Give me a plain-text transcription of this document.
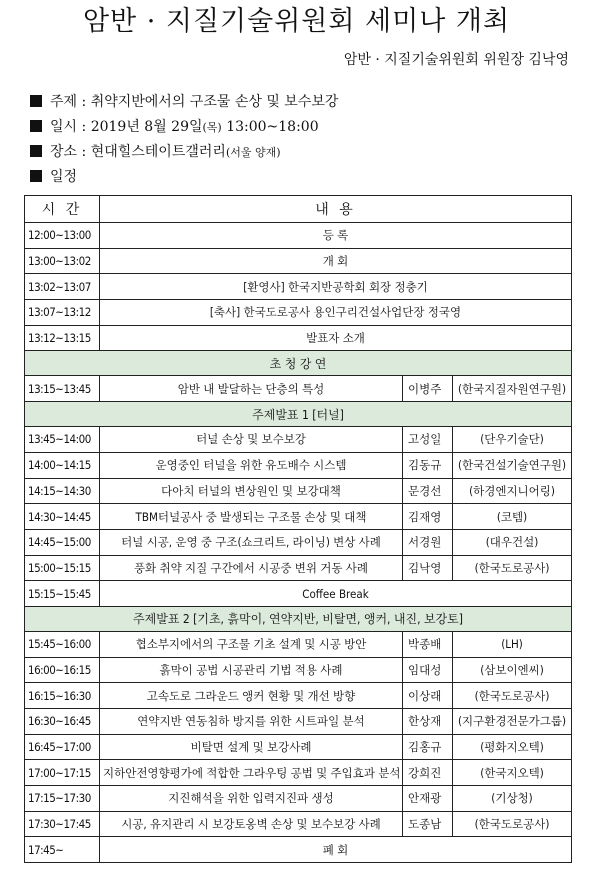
암반 · 지질기술위원회 세미나 개최
암반 · 지질기술위원회 위원장 김낙영
주제 : 취약지반에서의 구조물 손상 및 보수보강
일시 : 2019년 8월 29일(목) 13:00~18:00
장소 : 현대힐스테이트갤러리(서울 양재)
일정
시 간	내 용		
12:00~13:00	등 록		
13:00~13:02	개 회		
13:02~13:07	[환영사] 한국지반공학회 회장 정충기		
13:07~13:12	[축사] 한국도로공사 용인구리건설사업단장 정국영		
13:12~13:15	발표자 소개		
초 청 강 연			
13:15~13:45	암반 내 발달하는 단층의 특성	이병주	(한국지질자원연구원)
주제발표 1 [터널]			
13:45~14:00	터널 손상 및 보수보강	고성일	(단우기술단)
14:00~14:15	운영중인 터널을 위한 유도배수 시스템	김동규	(한국건설기술연구원)
14:15~14:30	다아치 터널의 변상원인 및 보강대책	문경선	(하경엔지니어링)
14:30~14:45	TBM터널공사 중 발생되는 구조물 손상 및 대책	김재영	(코템)
14:45~15:00	터널 시공, 운영 중 구조(쇼크리트, 라이닝) 변상 사례	서경원	(대우건설)
15:00~15:15	풍화 취약 지질 구간에서 시공중 변위 거동 사례	김낙영	(한국도로공사)
15:15~15:45	Coffee Break		
주제발표 2 [기초, 흙막이, 연약지반, 비탈면, 앵커, 내진, 보강토]			
15:45~16:00	협소부지에서의 구조물 기초 설계 및 시공 방안	박종배	(LH)
16:00~16:15	흙막이 공법 시공관리 기법 적용 사례	임대성	(삼보이엔씨)
16:15~16:30	고속도로 그라운드 앵커 현황 및 개선 방향	이상래	(한국도로공사)
16:30~16:45	연약지반 연동침하 방지를 위한 시트파일 분석	한상재	(지구환경전문가그룹)
16:45~17:00	비탈면 설계 및 보강사례	김홍규	(평화지오텍)
17:00~17:15	지하안전영향평가에 적합한 그라우팅 공법 및 주입효과 분석	강희진	(한국지오텍)
17:15~17:30	지진해석을 위한 입력지진파 생성	안재광	(기상청)
17:30~17:45	시공, 유지관리 시 보강토옹벽 손상 및 보수보강 사례	도종남	(한국도로공사)
17:45~	폐 회		
